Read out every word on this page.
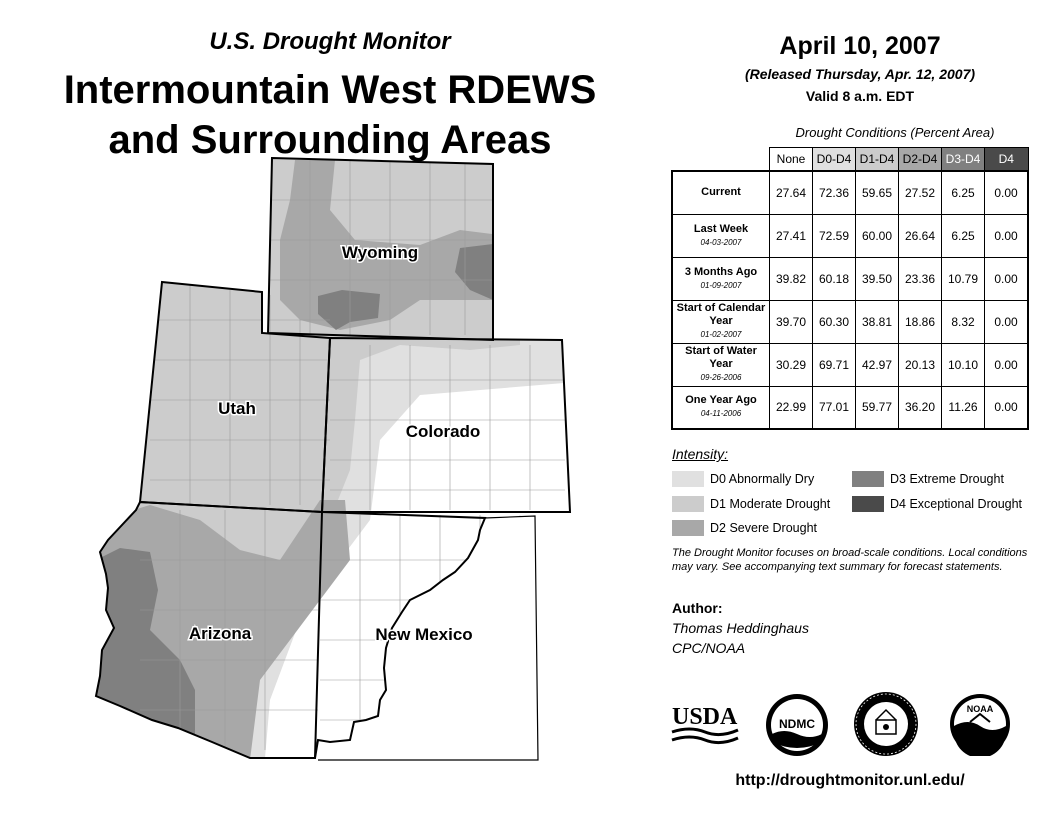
U.S. Drought Monitor
Intermountain West RDEWS
and Surrounding Areas
Wyoming
Utah
Colorado
Arizona	New Mexico
April 10, 2007
(Released Thursday, Apr. 12, 2007)
Valid 8 a.m. EDT
Drought Conditions (Percent Area)
	None	D0-D4	D1-D4	D2-D4	D3-D4	D4
Current	27.64	72.36	59.65	27.52	6.25	0.00
Last Week
04-03-2007	27.41	72.59	60.00	26.64	6.25	0.00
3 Months Ago
01-09-2007	39.82	60.18	39.50	23.36	10.79	0.00
Start of Calendar Year
01-02-2007	39.70	60.30	38.81	18.86	8.32	0.00
Start of Water Year
09-26-2006	30.29	69.71	42.97	20.13	10.10	0.00
One Year Ago
04-11-2006	22.99	77.01	59.77	36.20	11.26	0.00
Intensity:
D0 Abnormally Dry
D1 Moderate Drought
D2 Severe Drought
D3 Extreme Drought
D4 Exceptional Drought
The Drought Monitor focuses on broad-scale conditions. Local conditions may vary. See accompanying text summary for forecast statements.
Author:
Thomas Heddinghaus
CPC/NOAA
USDA	NDMC
NOAA
http://droughtmonitor.unl.edu/
